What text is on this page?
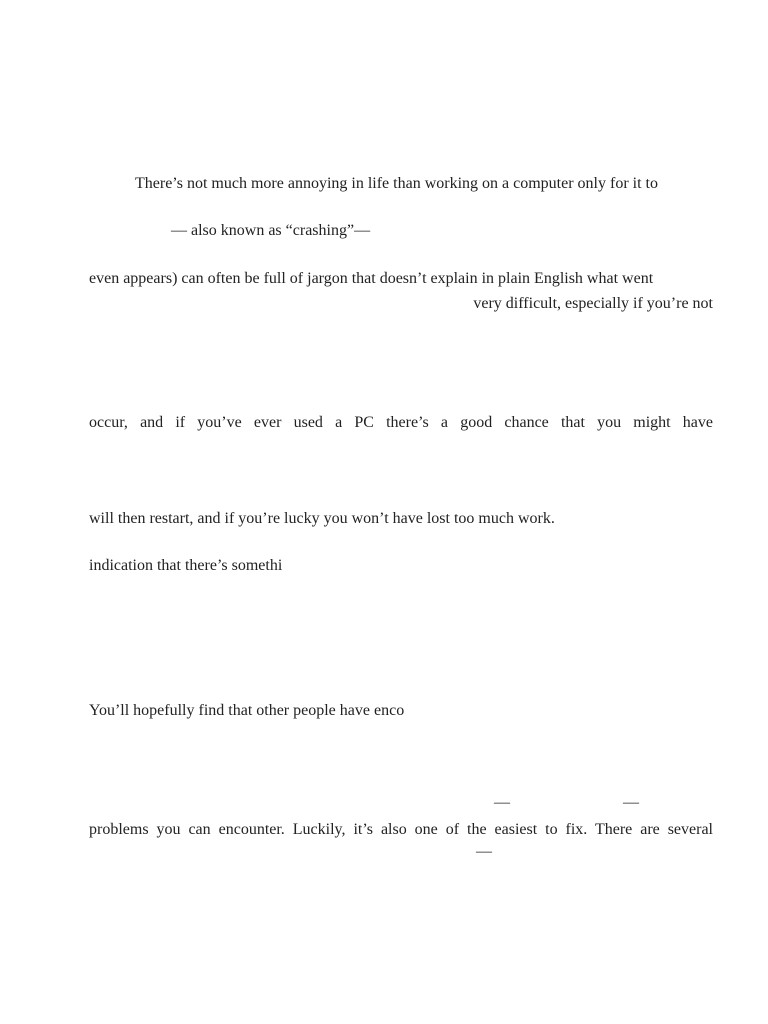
There’s not much more annoying in life than working on a computer only for it to
— also known as “crashing”—
even appears) can often be full of jargon that doesn’t explain in plain English what went
very difficult, especially if you’re not
occur, and if you’ve ever used a PC there’s a good chance that you might have
will then restart, and if you’re lucky you won’t have lost too much work.
indication that there’s somethi
You’ll hopefully find that other people have enco
—	—
problems you can encounter. Luckily, it’s also one of the easiest to fix. There are several
—
